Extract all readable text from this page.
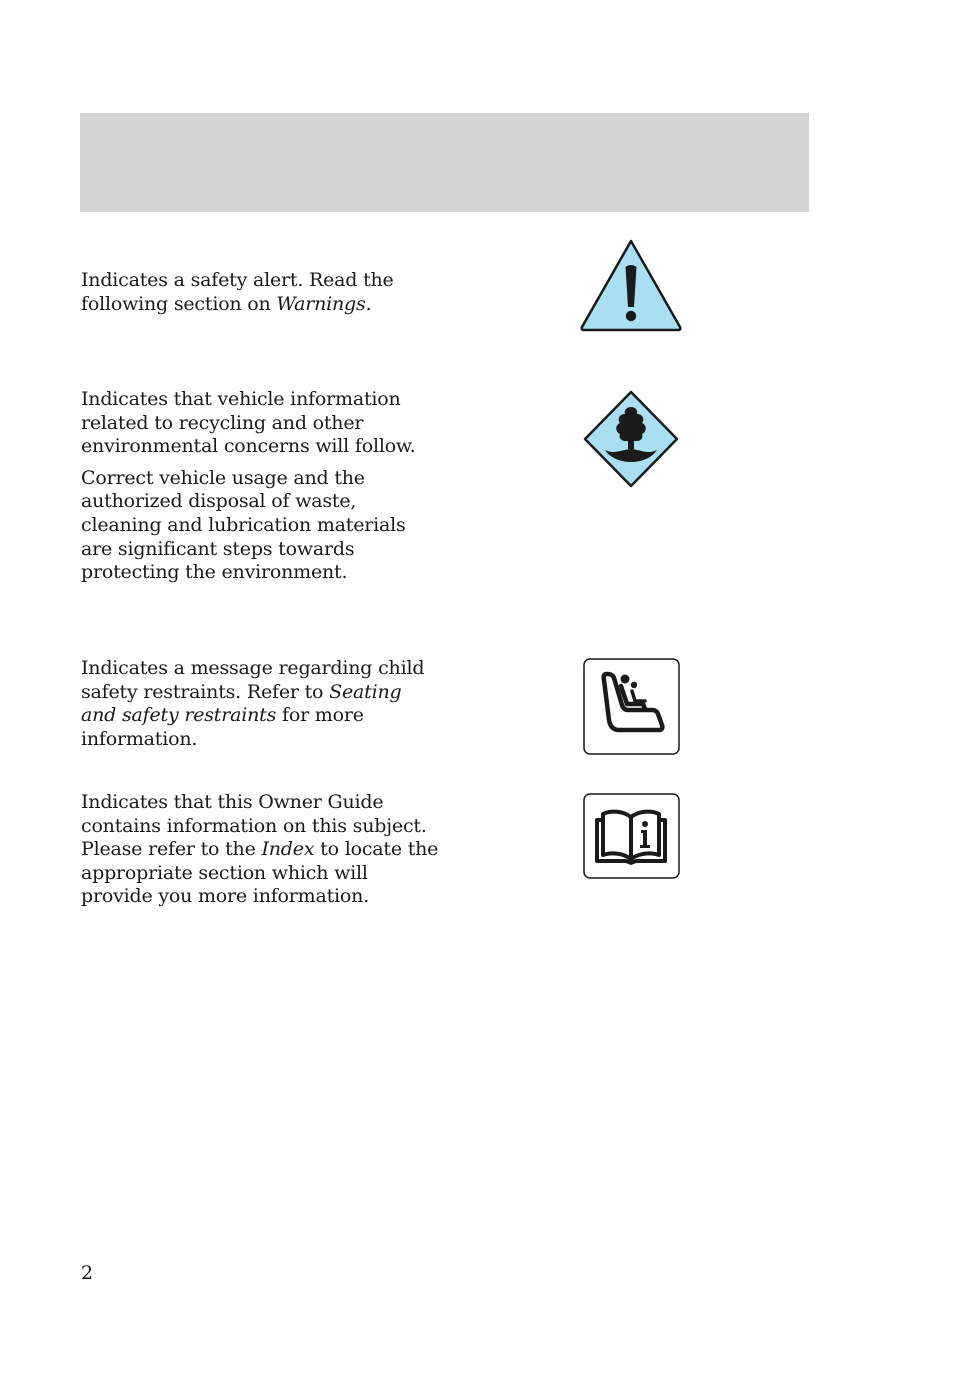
Indicates a safety alert. Read the following section on Warnings.

Indicates that vehicle information related to recycling and other environmental concerns will follow.

Correct vehicle usage and the authorized disposal of waste, cleaning and lubrication materials are significant steps towards protecting the environment.

Indicates a message regarding child safety restraints. Refer to Seating and safety restraints for more information.

Indicates that this Owner Guide contains information on this subject. Please refer to the Index to locate the appropriate section which will provide you more information.

2
